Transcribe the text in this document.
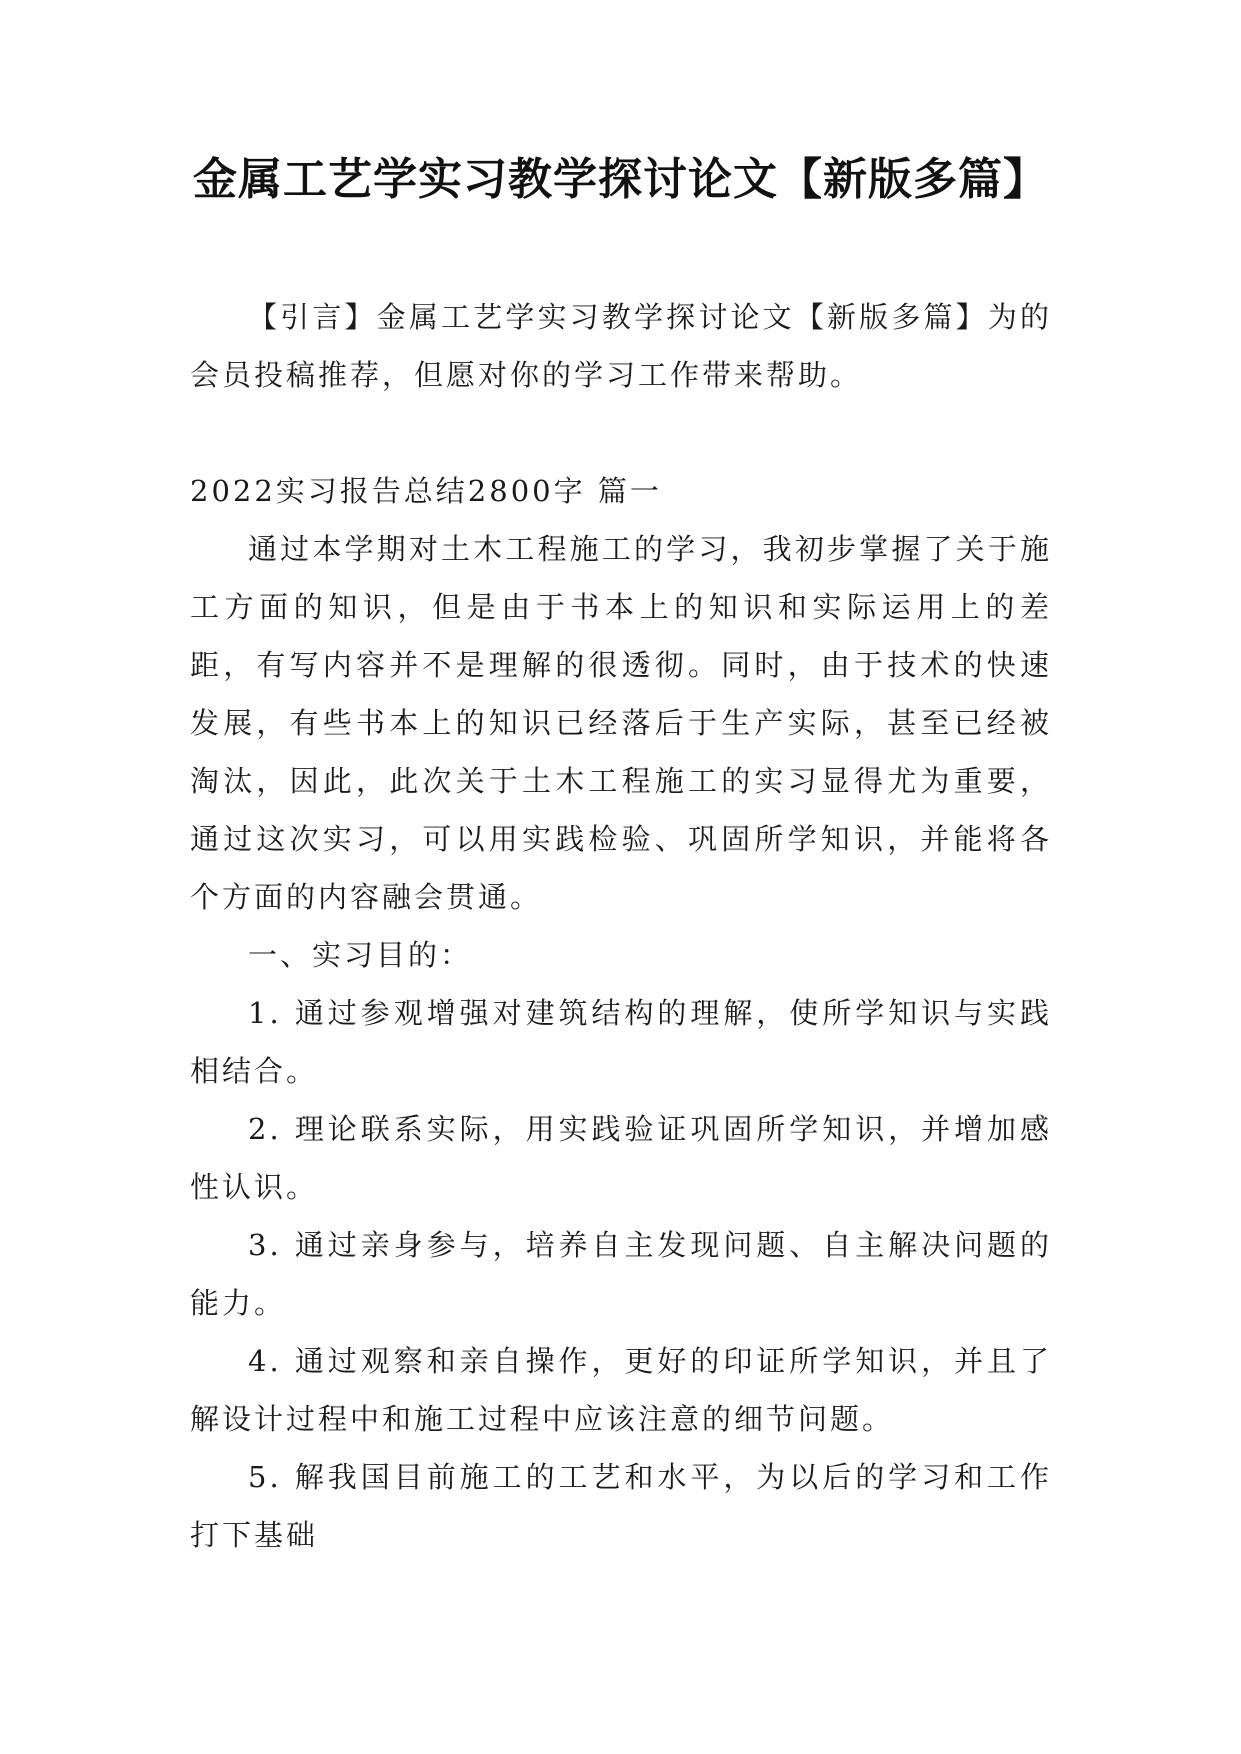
金属工艺学实习教学探讨论文【新版多篇】

【引言】金属工艺学实习教学探讨论文【新版多篇】为的会员投稿推荐，但愿对你的学习工作带来帮助。

2022实习报告总结2800字 篇一

通过本学期对土木工程施工的学习，我初步掌握了关于施工方面的知识，但是由于书本上的知识和实际运用上的差距，有写内容并不是理解的很透彻。同时，由于技术的快速发展，有些书本上的知识已经落后于生产实际，甚至已经被淘汰，因此，此次关于土木工程施工的实习显得尤为重要，通过这次实习，可以用实践检验、巩固所学知识，并能将各个方面的内容融会贯通。

一、实习目的：

1. 通过参观增强对建筑结构的理解，使所学知识与实践相结合。

2. 理论联系实际，用实践验证巩固所学知识，并增加感性认识。

3. 通过亲身参与，培养自主发现问题、自主解决问题的能力。

4. 通过观察和亲自操作，更好的印证所学知识，并且了解设计过程中和施工过程中应该注意的细节问题。

5. 解我国目前施工的工艺和水平，为以后的学习和工作打下基础
